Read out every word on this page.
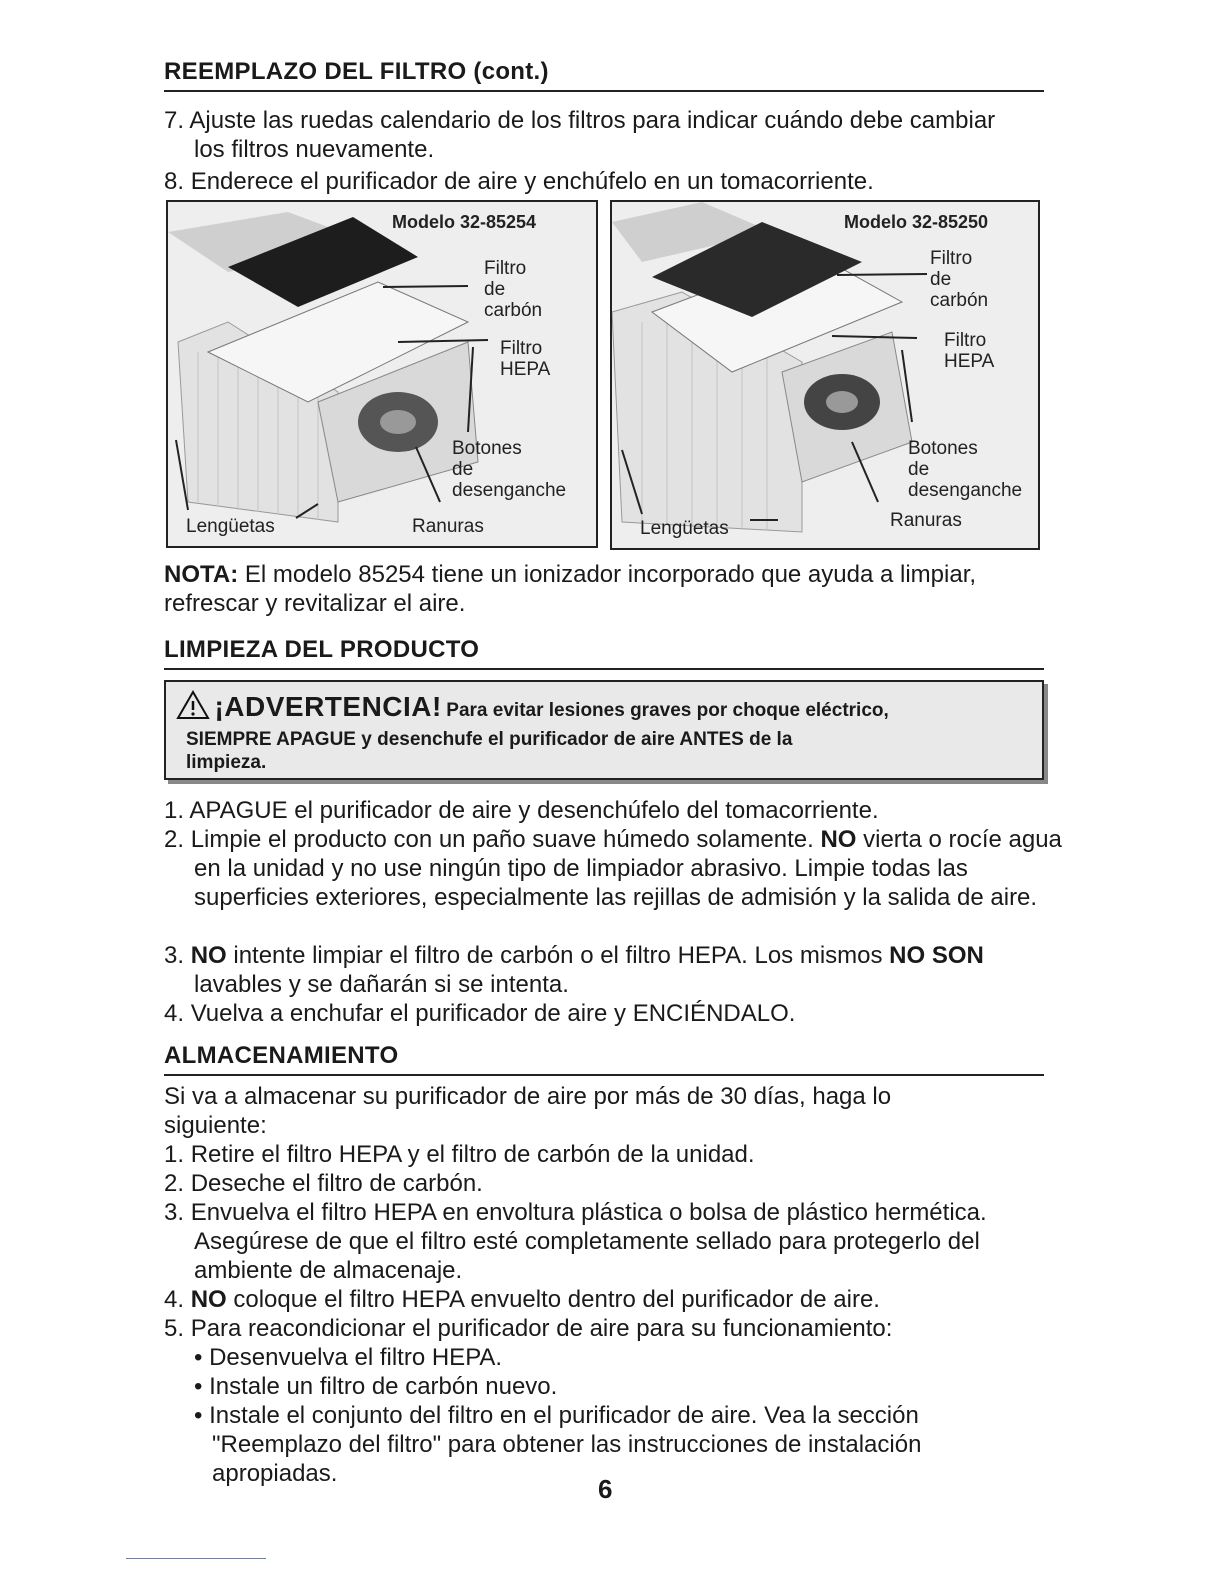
REEMPLAZO DEL FILTRO (cont.)
7. Ajuste las ruedas calendario de los filtros para indicar cuándo debe cambiar los filtros nuevamente.
8. Enderece el purificador de aire y enchúfelo en un tomacorriente.
Modelo 32-85254
Filtro
de
carbón
Filtro
HEPA
Botones
de
desenganche
Lengüetas	Ranuras
Modelo 32-85250
Filtro
de
carbón
Filtro
HEPA
Botones
de
desenganche
Lengüetas	Ranuras
NOTA: El modelo 85254 tiene un ionizador incorporado que ayuda a limpiar,
refrescar y revitalizar el aire.
LIMPIEZA DEL PRODUCTO
¡ADVERTENCIA! Para evitar lesiones graves por choque eléctrico,
SIEMPRE APAGUE y desenchufe el purificador de aire ANTES de la
limpieza.
1. APAGUE el purificador de aire y desenchúfelo del tomacorriente.
2. Limpie el producto con un paño suave húmedo solamente. NO vierta o rocíe agua en la unidad y no use ningún tipo de limpiador abrasivo. Limpie todas las superficies exteriores, especialmente las rejillas de admisión y la salida de aire.
3. NO intente limpiar el filtro de carbón o el filtro HEPA. Los mismos NO SON lavables y se dañarán si se intenta.
4. Vuelva a enchufar el purificador de aire y ENCIÉNDALO.
ALMACENAMIENTO
Si va a almacenar su purificador de aire por más de 30 días, haga lo siguiente:
1. Retire el filtro HEPA y el filtro de carbón de la unidad.
2. Deseche el filtro de carbón.
3. Envuelva el filtro HEPA en envoltura plástica o bolsa de plástico hermética. Asegúrese de que el filtro esté completamente sellado para protegerlo del ambiente de almacenaje.
4. NO coloque el filtro HEPA envuelto dentro del purificador de aire.
5. Para reacondicionar el purificador de aire para su funcionamiento:
• Desenvuelva el filtro HEPA.
• Instale un filtro de carbón nuevo.
• Instale el conjunto del filtro en el purificador de aire. Vea la sección "Reemplazo del filtro" para obtener las instrucciones de instalación apropiadas.
6
